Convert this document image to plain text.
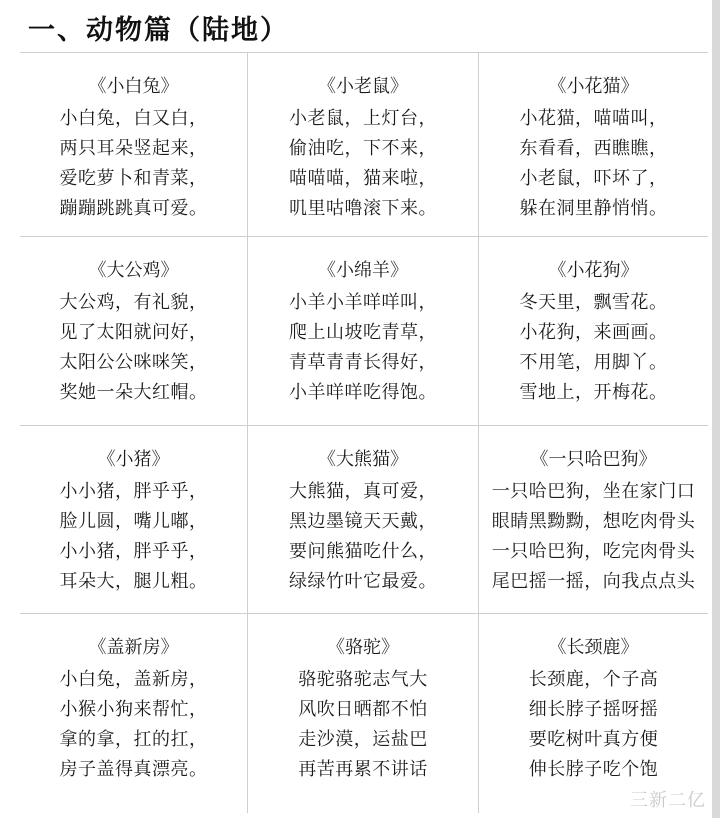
一、动物篇（陆地）
《小白兔》
小白兔，白又白，
两只耳朵竖起来，
爱吃萝卜和青菜，
蹦蹦跳跳真可爱。
《小老鼠》
小老鼠，上灯台，
偷油吃，下不来，
喵喵喵，猫来啦，
叽里咕噜滚下来。
《小花猫》
小花猫，喵喵叫，
东看看，西瞧瞧，
小老鼠，吓坏了，
躲在洞里静悄悄。
《大公鸡》
大公鸡，有礼貌，
见了太阳就问好，
太阳公公咪咪笑，
奖她一朵大红帽。
《小绵羊》
小羊小羊咩咩叫，
爬上山坡吃青草，
青草青青长得好，
小羊咩咩吃得饱。
《小花狗》
冬天里，飘雪花。
小花狗，来画画。
不用笔，用脚丫。
雪地上，开梅花。
《小猪》
小小猪，胖乎乎，
脸儿圆，嘴儿嘟，
小小猪，胖乎乎，
耳朵大，腿儿粗。
《大熊猫》
大熊猫，真可爱，
黑边墨镜天天戴，
要问熊猫吃什么，
绿绿竹叶它最爱。
《一只哈巴狗》
一只哈巴狗，坐在家门口
眼睛黑黝黝，想吃肉骨头
一只哈巴狗，吃完肉骨头
尾巴摇一摇，向我点点头
《盖新房》
小白兔，盖新房，
小猴小狗来帮忙，
拿的拿，扛的扛，
房子盖得真漂亮。
《骆驼》
骆驼骆驼志气大
风吹日晒都不怕
走沙漠，运盐巴
再苦再累不讲话
《长颈鹿》
长颈鹿，个子高
细长脖子摇呀摇
要吃树叶真方便
伸长脖子吃个饱
三新二亿
